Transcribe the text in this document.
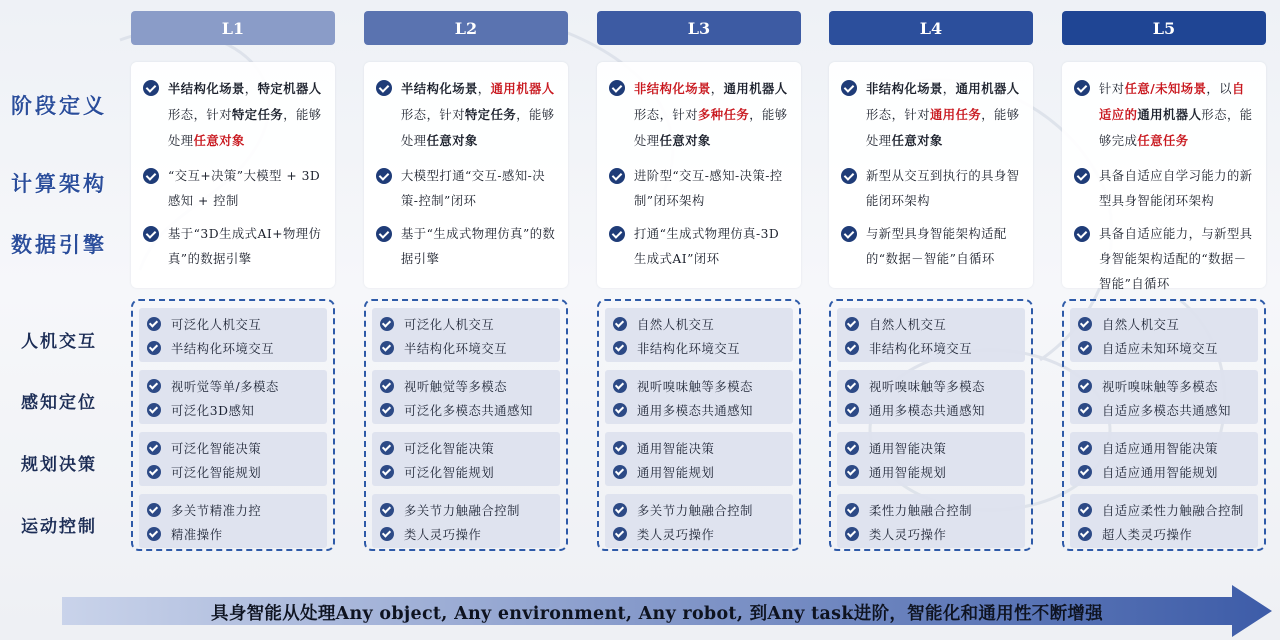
阶段定义
计算架构
数据引擎
人机交互
感知定位
规划决策
运动控制
L1
半结构化场景，特定机器人形态，针对特定任务，能够处理任意对象
“交互+决策”大模型 + 3D感知 + 控制
基于“3D生成式AI+物理仿真”的数据引擎
可泛化人机交互
半结构化环境交互
视听觉等单/多模态
可泛化3D感知
可泛化智能决策
可泛化智能规划
多关节精准力控
精准操作
L2
半结构化场景，通用机器人形态，针对特定任务，能够处理任意对象
大模型打通“交互-感知-决策-控制”闭环
基于“生成式物理仿真”的数据引擎
可泛化人机交互
半结构化环境交互
视听触觉等多模态
可泛化多模态共通感知
可泛化智能决策
可泛化智能规划
多关节力触融合控制
类人灵巧操作
L3
非结构化场景，通用机器人形态，针对多种任务，能够处理任意对象
进阶型“交互-感知-决策-控制”闭环架构
打通“生成式物理仿真-3D生成式AI”闭环
自然人机交互
非结构化环境交互
视听嗅味触等多模态
通用多模态共通感知
通用智能决策
通用智能规划
多关节力触融合控制
类人灵巧操作
L4
非结构化场景，通用机器人形态，针对通用任务，能够处理任意对象
新型从交互到执行的具身智能闭环架构
与新型具身智能架构适配的“数据－智能”自循环
自然人机交互
非结构化环境交互
视听嗅味触等多模态
通用多模态共通感知
通用智能决策
通用智能规划
柔性力触融合控制
类人灵巧操作
L5
针对任意/未知场景，以自适应的通用机器人形态，能够完成任意任务
具备自适应自学习能力的新型具身智能闭环架构
具备自适应能力，与新型具身智能架构适配的“数据－智能”自循环
自然人机交互
自适应未知环境交互
视听嗅味触等多模态
自适应多模态共通感知
自适应通用智能决策
自适应通用智能规划
自适应柔性力触融合控制
超人类灵巧操作
具身智能从处理Any object, Any environment, Any robot, 到Any task进阶，智能化和通用性不断增强
